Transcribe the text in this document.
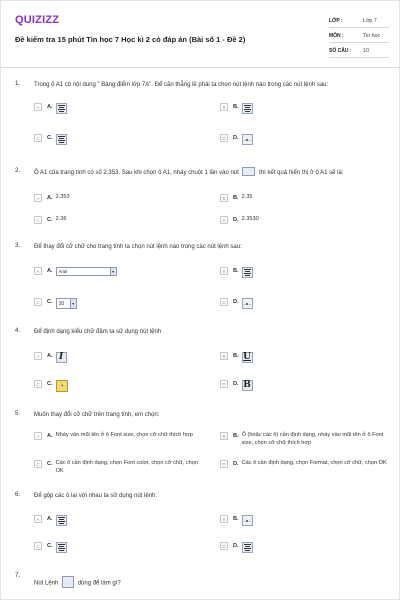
QUIZIZZ
Đề kiểm tra 15 phút Tin học 7 Học kì 2 có đáp án (Bài số 1 - Đề 2)
LỚP :	Lớp 7
MÔN :	Tin học
SỐ CÂU :	10
1. Trong ô A1 có nội dung " Bảng điểm lớp 7A". Để căn thẳng lề phải ta chọn nút lệnh nào trong các nút lệnh sau:
A	A.	B	B.
C	C.	D	D. →a←
2. Ô A1 của trang tính có số 2.353. Sau khi chọn ô A1, nháy chuột 1 lần vào nút	thì kết quả hiển thị ở ô A1 sẽ là:
A	A. 2.353	B	B. 2.35
C	C. 2.36	D	D. 2.3530
3. Để thay đổi cỡ chữ cho trang tính ta chọn nút lệnh nào trong các nút lệnh sau:
A	A. Arial	▾	B	B.
C	C. 10	▾	D	D. →a←
4. Để định dạng kiểu chữ đậm ta sử dụng nút lệnh
A	A. I	B	B. U
C	C. ◔	D	D. B
5. Muốn thay đổi cỡ chữ trên trang tính, em chọn:
A	A. Nháy vào mũi tên ở ô Font size, chọn cỡ chữ thích hợp	B	B. Ô (hoặc các ô) cần định dạng, nháy vào mũi tên ở ô Font size, chọn cỡ chữ thích hợp
C	C. Các ô cần định dạng, chọn Font color, chọn cỡ chữ, chọn OK
D	D. Các ô cần định dạng, chọn Format, chọn cỡ chữ, chọn OK
6. Để gộp các ô lại với nhau ta sử dụng nút lệnh:
A	A.	B	B. →a←
C	C.	D	D.
7.
Nút Lệnh	dùng để làm gì?
